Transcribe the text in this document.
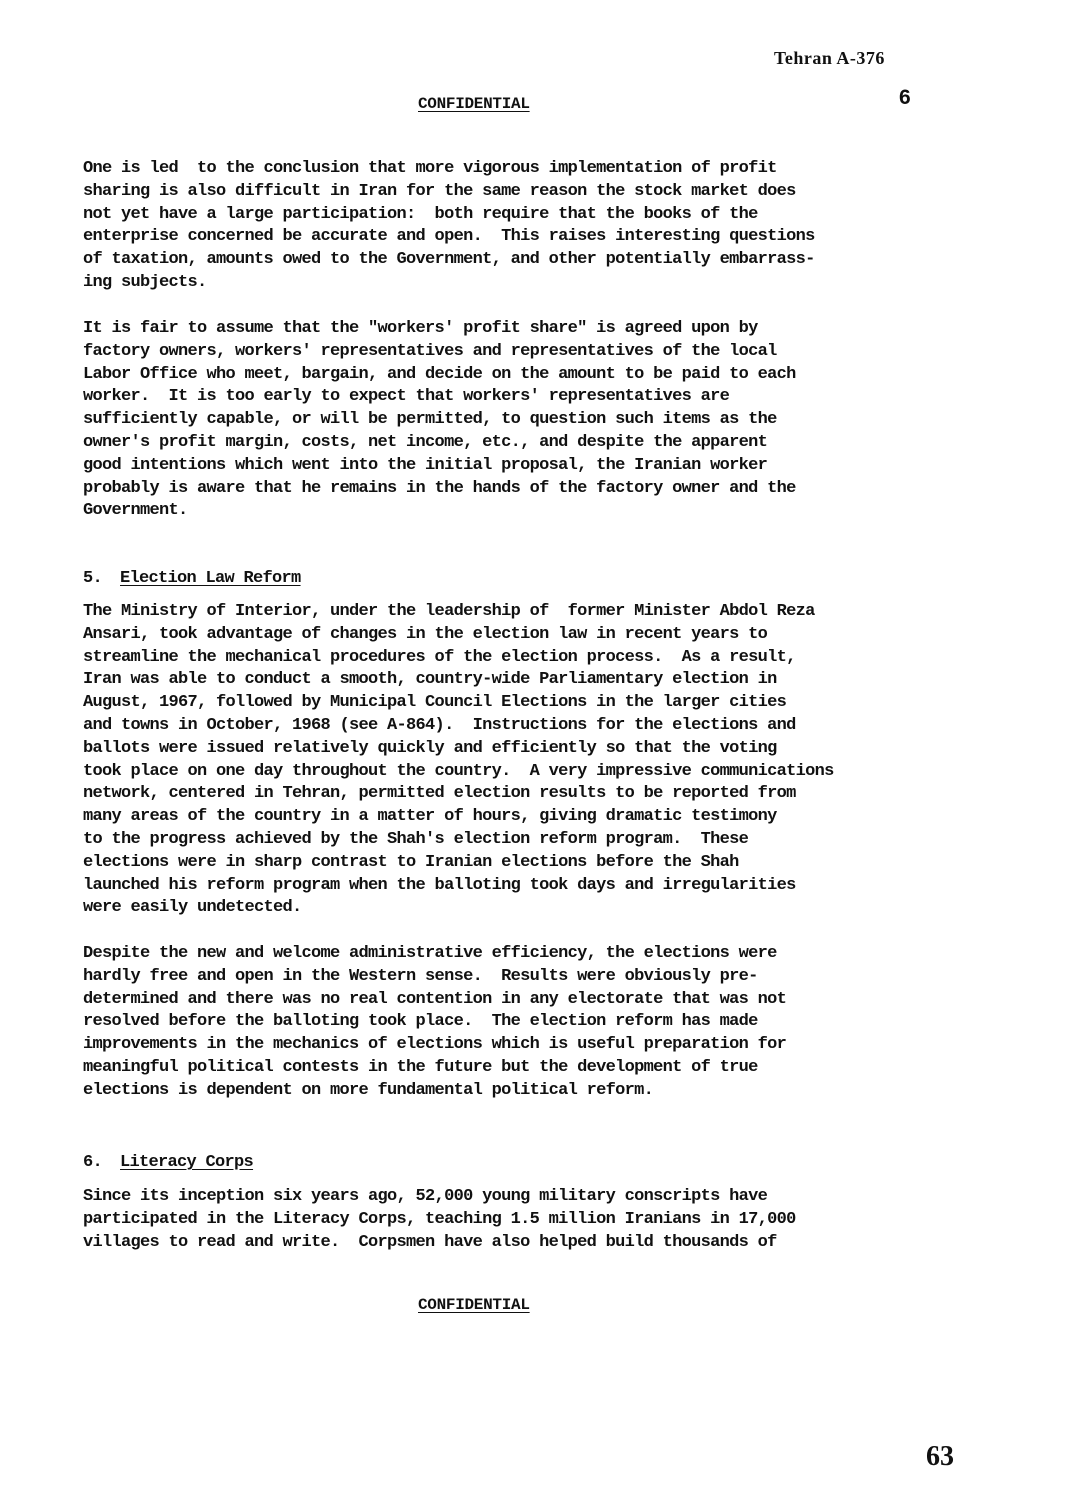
Tehran A-376
CONFIDENTIAL	6

One is led  to the conclusion that more vigorous implementation of profit
sharing is also difficult in Iran for the same reason the stock market does
not yet have a large participation:  both require that the books of the
enterprise concerned be accurate and open.  This raises interesting questions
of taxation, amounts owed to the Government, and other potentially embarrass-
ing subjects.

It is fair to assume that the "workers' profit share" is agreed upon by
factory owners, workers' representatives and representatives of the local
Labor Office who meet, bargain, and decide on the amount to be paid to each
worker.  It is too early to expect that workers' representatives are
sufficiently capable, or will be permitted, to question such items as the
owner's profit margin, costs, net income, etc., and despite the apparent
good intentions which went into the initial proposal, the Iranian worker
probably is aware that he remains in the hands of the factory owner and the
Government.

5. Election Law Reform

The Ministry of Interior, under the leadership of  former Minister Abdol Reza
Ansari, took advantage of changes in the election law in recent years to
streamline the mechanical procedures of the election process.  As a result,
Iran was able to conduct a smooth, country-wide Parliamentary election in
August, 1967, followed by Municipal Council Elections in the larger cities
and towns in October, 1968 (see A-864).  Instructions for the elections and
ballots were issued relatively quickly and efficiently so that the voting
took place on one day throughout the country.  A very impressive communications
network, centered in Tehran, permitted election results to be reported from
many areas of the country in a matter of hours, giving dramatic testimony
to the progress achieved by the Shah's election reform program.  These
elections were in sharp contrast to Iranian elections before the Shah
launched his reform program when the balloting took days and irregularities
were easily undetected.

Despite the new and welcome administrative efficiency, the elections were
hardly free and open in the Western sense.  Results were obviously pre-
determined and there was no real contention in any electorate that was not
resolved before the balloting took place.  The election reform has made
improvements in the mechanics of elections which is useful preparation for
meaningful political contests in the future but the development of true
elections is dependent on more fundamental political reform.

6. Literacy Corps

Since its inception six years ago, 52,000 young military conscripts have
participated in the Literacy Corps, teaching 1.5 million Iranians in 17,000
villages to read and write.  Corpsmen have also helped build thousands of

CONFIDENTIAL
63
